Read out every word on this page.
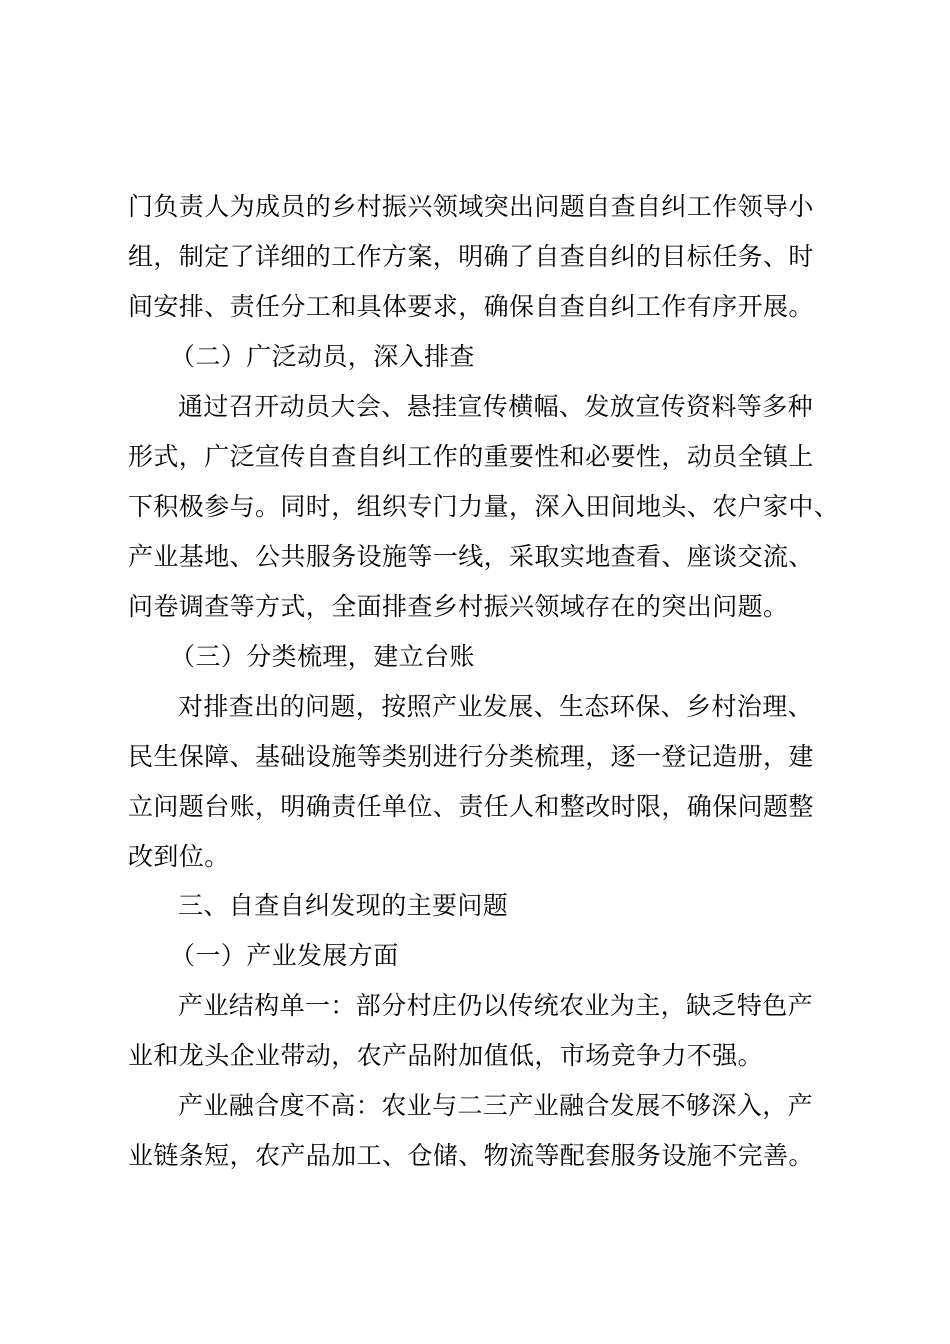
门负责人为成员的乡村振兴领域突出问题自查自纠工作领导小
组，制定了详细的工作方案，明确了自查自纠的目标任务、时
间安排、责任分工和具体要求，确保自查自纠工作有序开展。
（二）广泛动员，深入排查
通过召开动员大会、悬挂宣传横幅、发放宣传资料等多种
形式，广泛宣传自查自纠工作的重要性和必要性，动员全镇上
下积极参与。同时，组织专门力量，深入田间地头、农户家中、
产业基地、公共服务设施等一线，采取实地查看、座谈交流、
问卷调查等方式，全面排查乡村振兴领域存在的突出问题。
（三）分类梳理，建立台账
对排查出的问题，按照产业发展、生态环保、乡村治理、
民生保障、基础设施等类别进行分类梳理，逐一登记造册，建
立问题台账，明确责任单位、责任人和整改时限，确保问题整
改到位。
三、自查自纠发现的主要问题
（一）产业发展方面
产业结构单一：部分村庄仍以传统农业为主，缺乏特色产
业和龙头企业带动，农产品附加值低，市场竞争力不强。
产业融合度不高：农业与二三产业融合发展不够深入，产
业链条短，农产品加工、仓储、物流等配套服务设施不完善。
